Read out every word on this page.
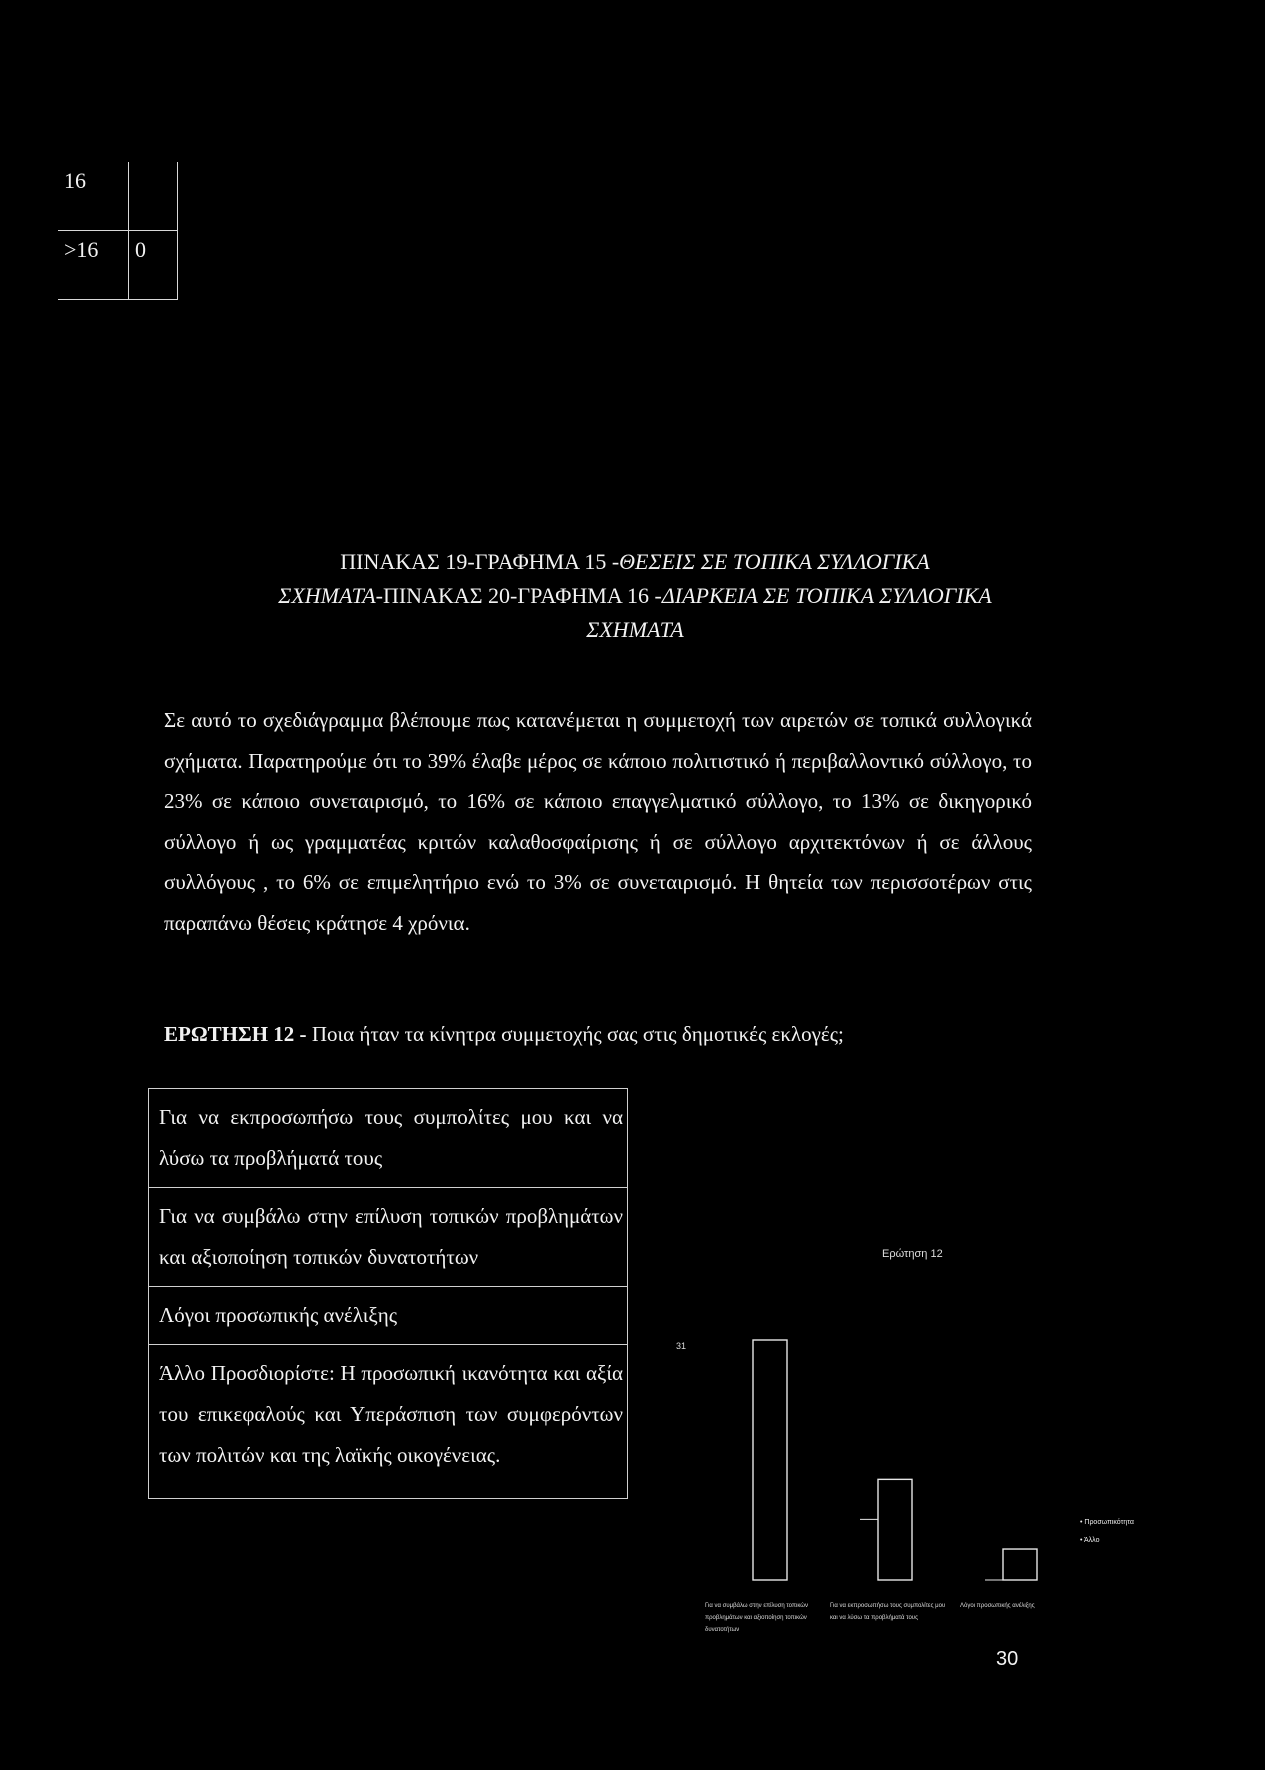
16	
>16	0
ΠΙΝΑΚΑΣ 19-ΓΡΑΦΗΜΑ 15 -ΘΕΣΕΙΣ ΣΕ ΤΟΠΙΚΑ ΣΥΛΛΟΓΙΚΑ
ΣΧΗΜΑΤΑ-ΠΙΝΑΚΑΣ 20-ΓΡΑΦΗΜΑ 16 -ΔΙΑΡΚΕΙΑ ΣΕ ΤΟΠΙΚΑ ΣΥΛΛΟΓΙΚΑ
ΣΧΗΜΑΤΑ
Σε αυτό το σχεδιάγραμμα βλέπουμε πως κατανέμεται η συμμετοχή των αιρετών σε τοπικά συλλογικά σχήματα. Παρατηρούμε ότι το 39% έλαβε μέρος σε κάποιο πολιτιστικό ή περιβαλλοντικό σύλλογο, το 23% σε κάποιο συνεταιρισμό, το 16% σε κάποιο επαγγελματικό σύλλογο, το 13% σε δικηγορικό σύλλογο ή ως γραμματέας κριτών καλαθοσφαίρισης ή σε σύλλογο αρχιτεκτόνων ή σε άλλους συλλόγους , το 6% σε επιμελητήριο ενώ το 3% σε συνεταιρισμό. Η θητεία των περισσοτέρων στις παραπάνω θέσεις κράτησε 4 χρόνια.
ΕΡΩΤΗΣΗ 12 - Ποια ήταν τα κίνητρα συμμετοχής σας στις δημοτικές εκλογές;
Για να εκπροσωπήσω τους συμπολίτες μου και να λύσω τα προβλήματά τους
Για να συμβάλω στην επίλυση τοπικών προβλημάτων και αξιοποίηση τοπικών δυνατοτήτων
Λόγοι προσωπικής ανέλιξης
Άλλο Προσδιορίστε: Η προσωπική ικανότητα και αξία του επικεφαλούς και Υπεράσπιση των συμφερόντων των πολιτών και της λαϊκής οικογένειας.
Ερώτηση 12
31
Για να συμβάλω στην επίλυση τοπικών
προβλημάτων και αξιοποίηση τοπικών
δυνατοτήτων
Για να εκπροσωπήσω τους συμπολίτες μου
και να λύσω τα προβλήματά τους
Λόγοι προσωπικής ανέλιξης
• Προσωπικότητα
• Άλλο
30
